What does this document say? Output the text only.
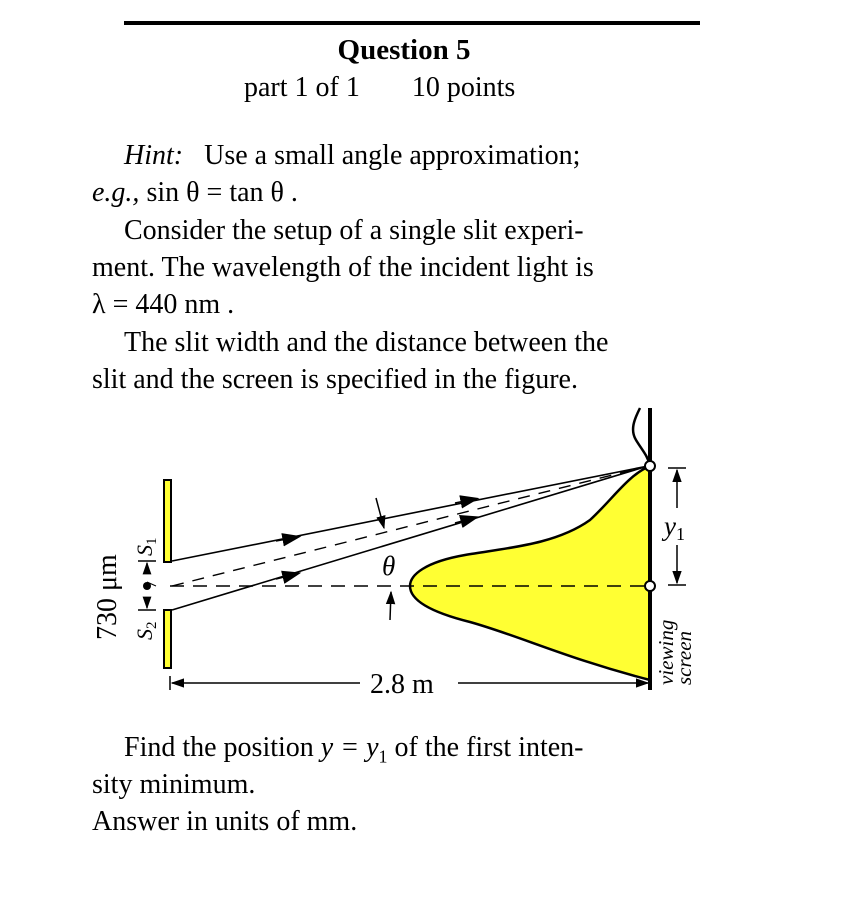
Question 5
part 1 of 1 10 points
Hint: Use a small angle approximation;
e.g., sin θ = tan θ .
Consider the setup of a single slit experi-
ment. The wavelength of the incident light is
λ = 440 nm .
The slit width and the distance between the
slit and the screen is specified in the figure.
θ
y1
2.8 m
S1
S2
730 μm
viewing
screen
Find the position $y = y_1$ of the first inten-
sity minimum.
Answer in units of mm.
